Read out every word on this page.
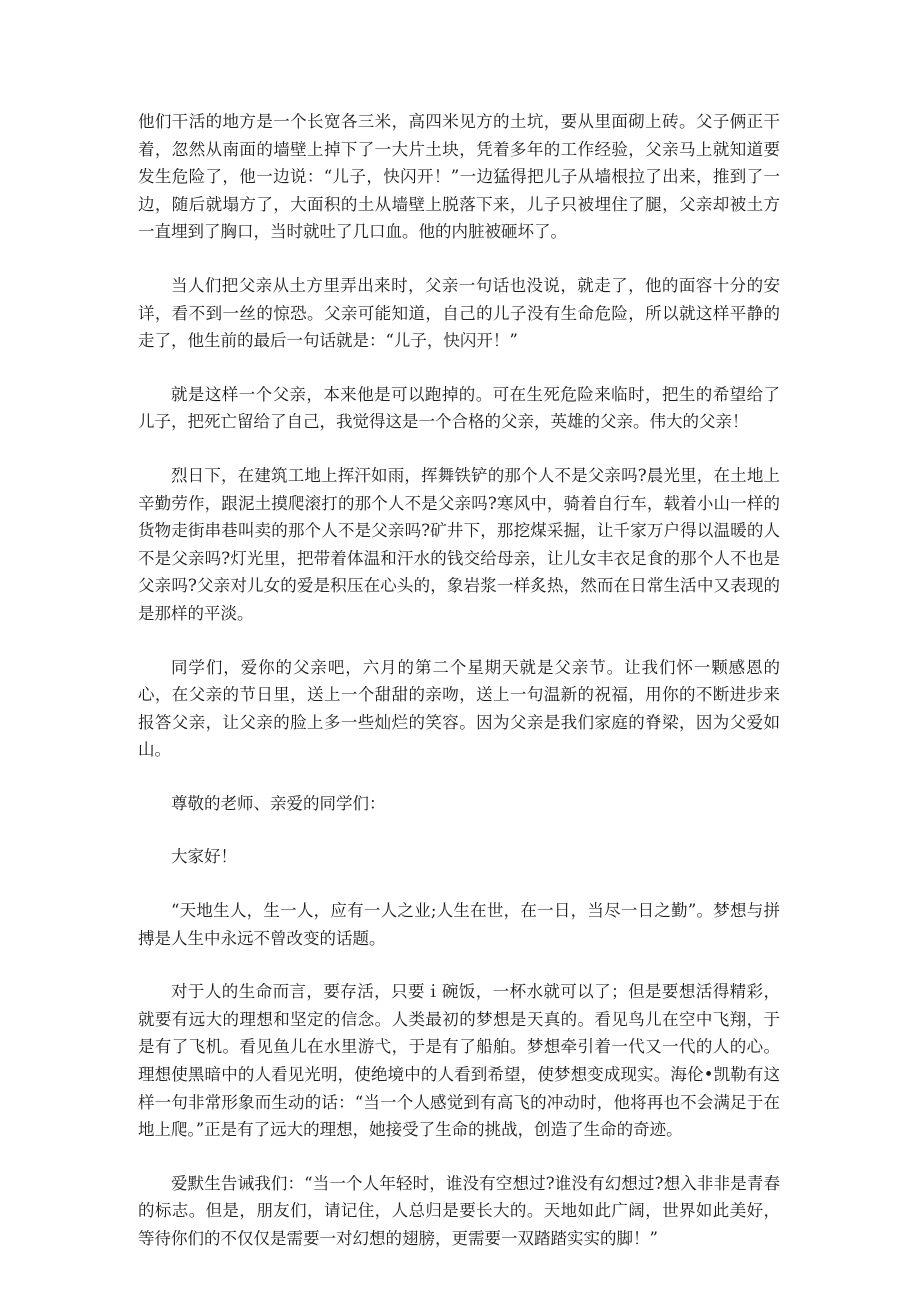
他们干活的地方是一个长宽各三米，高四米见方的土坑，要从里面砌上砖。父子俩正干着，忽然从南面的墙壁上掉下了一大片土块，凭着多年的工作经验，父亲马上就知道要发生危险了，他一边说：“儿子，快闪开！”一边猛得把儿子从墙根拉了出来，推到了一边，随后就塌方了，大面积的土从墙壁上脱落下来，儿子只被埋住了腿，父亲却被土方一直埋到了胸口，当时就吐了几口血。他的内脏被砸坏了。

当人们把父亲从土方里弄出来时，父亲一句话也没说，就走了，他的面容十分的安详，看不到一丝的惊恐。父亲可能知道，自己的儿子没有生命危险，所以就这样平静的走了，他生前的最后一句话就是：“儿子，快闪开！”

就是这样一个父亲，本来他是可以跑掉的。可在生死危险来临时，把生的希望给了儿子，把死亡留给了自己，我觉得这是一个合格的父亲，英雄的父亲。伟大的父亲！

烈日下，在建筑工地上挥汗如雨，挥舞铁铲的那个人不是父亲吗?晨光里，在土地上辛勤劳作，跟泥土摸爬滚打的那个人不是父亲吗?寒风中，骑着自行车，载着小山一样的货物走街串巷叫卖的那个人不是父亲吗?矿井下，那挖煤采掘，让千家万户得以温暖的人不是父亲吗?灯光里，把带着体温和汗水的钱交给母亲，让儿女丰衣足食的那个人不也是父亲吗?父亲对儿女的爱是积压在心头的，象岩浆一样炙热，然而在日常生活中又表现的是那样的平淡。

同学们，爱你的父亲吧，六月的第二个星期天就是父亲节。让我们怀一颗感恩的心，在父亲的节日里，送上一个甜甜的亲吻，送上一句温新的祝福，用你的不断进步来报答父亲，让父亲的脸上多一些灿烂的笑容。因为父亲是我们家庭的脊梁，因为父爱如山。

尊敬的老师、亲爱的同学们：

大家好！

“天地生人，生一人，应有一人之业;人生在世，在一日，当尽一日之勤”。梦想与拼搏是人生中永远不曾改变的话题。

对于人的生命而言，要存活，只要ｉ碗饭，一杯水就可以了；但是要想活得精彩，就要有远大的理想和坚定的信念。人类最初的梦想是天真的。看见鸟儿在空中飞翔，于是有了飞机。看见鱼儿在水里游弋，于是有了船舶。梦想牵引着一代又一代的人的心。理想使黑暗中的人看见光明，使绝境中的人看到希望，使梦想变成现实。海伦•凯勒有这样一句非常形象而生动的话：“当一个人感觉到有高飞的冲动时，他将再也不会满足于在地上爬。”正是有了远大的理想，她接受了生命的挑战，创造了生命的奇迹。

爱默生告诫我们：“当一个人年轻时，谁没有空想过?谁没有幻想过?想入非非是青春的标志。但是，朋友们，请记住，人总归是要长大的。天地如此广阔，世界如此美好，等待你们的不仅仅是需要一对幻想的翅膀，更需要一双踏踏实实的脚！”
